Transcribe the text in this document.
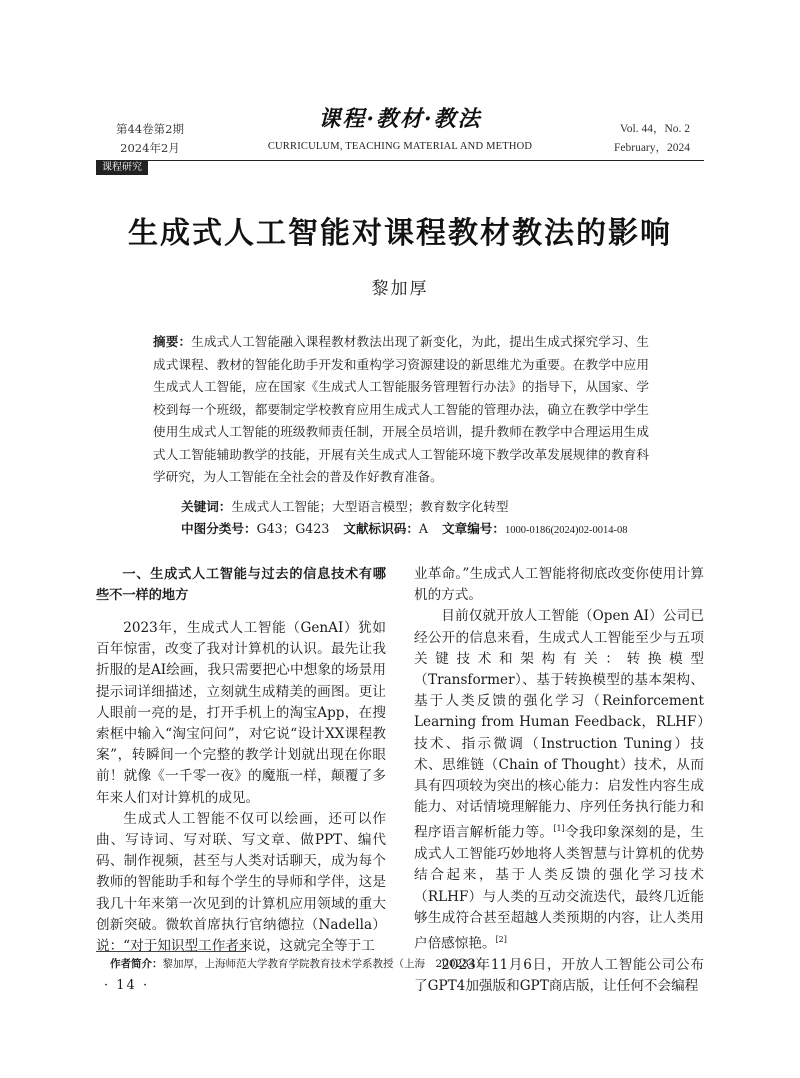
第44卷第2期
2024年2月
课程·教材·教法
CURRICULUM, TEACHING MATERIAL AND METHOD
Vol. 44，No. 2
February，2024
课程研究
生成式人工智能对课程教材教法的影响
黎加厚
摘要：生成式人工智能融入课程教材教法出现了新变化，为此，提出生成式探究学习、生成式课程、教材的智能化助手开发和重构学习资源建设的新思维尤为重要。在教学中应用生成式人工智能，应在国家《生成式人工智能服务管理暂行办法》的指导下，从国家、学校到每一个班级，都要制定学校教育应用生成式人工智能的管理办法，确立在教学中学生使用生成式人工智能的班级教师责任制，开展全员培训，提升教师在教学中合理运用生成式人工智能辅助教学的技能，开展有关生成式人工智能环境下教学改革发展规律的教育科学研究，为人工智能在全社会的普及作好教育准备。
关键词：生成式人工智能；大型语言模型；教育数字化转型
中图分类号：G43；G423 文献标识码：A 文章编号：1000-0186(2024)02-0014-08
一、生成式人工智能与过去的信息技术有哪些不一样的地方

2023年，生成式人工智能（GenAI）犹如百年惊雷，改变了我对计算机的认识。最先让我折服的是AI绘画，我只需要把心中想象的场景用提示词详细描述，立刻就生成精美的画图。更让人眼前一亮的是，打开手机上的淘宝App，在搜索框中输入“淘宝问问”，对它说“设计XX课程教案”，转瞬间一个完整的教学计划就出现在你眼前！就像《一千零一夜》的魔瓶一样，颠覆了多年来人们对计算机的成见。

生成式人工智能不仅可以绘画，还可以作曲、写诗词、写对联、写文章、做PPT、编代码、制作视频，甚至与人类对话聊天，成为每个教师的智能助手和每个学生的导师和学伴，这是我几十年来第一次见到的计算机应用领域的重大创新突破。微软首席执行官纳德拉（Nadella）说：“对于知识型工作者来说，这就完全等于工

业革命。”生成式人工智能将彻底改变你使用计算机的方式。

目前仅就开放人工智能（Open AI）公司已经公开的信息来看，生成式人工智能至少与五项关键技术和架构有关：转换模型（Transformer）、基于转换模型的基本架构、基于人类反馈的强化学习（Reinforcement Learning from Human Feedback，RLHF）技术、指示微调（Instruction Tuning）技术、思维链（Chain of Thought）技术，从而具有四项较为突出的核心能力：启发性内容生成能力、对话情境理解能力、序列任务执行能力和程序语言解析能力等。[1]令我印象深刻的是，生成式人工智能巧妙地将人类智慧与计算机的优势结合起来，基于人类反馈的强化学习技术（RLHF）与人类的互动交流迭代，最终几近能够生成符合甚至超越人类预期的内容，让人类用户倍感惊艳。[2]

2023年11月6日，开放人工智能公司公布了GPT4加强版和GPT商店版，让任何不会编程

作者简介：黎加厚，上海师范大学教育学院教育技术学系教授（上海　200234）。
· 14 ·
